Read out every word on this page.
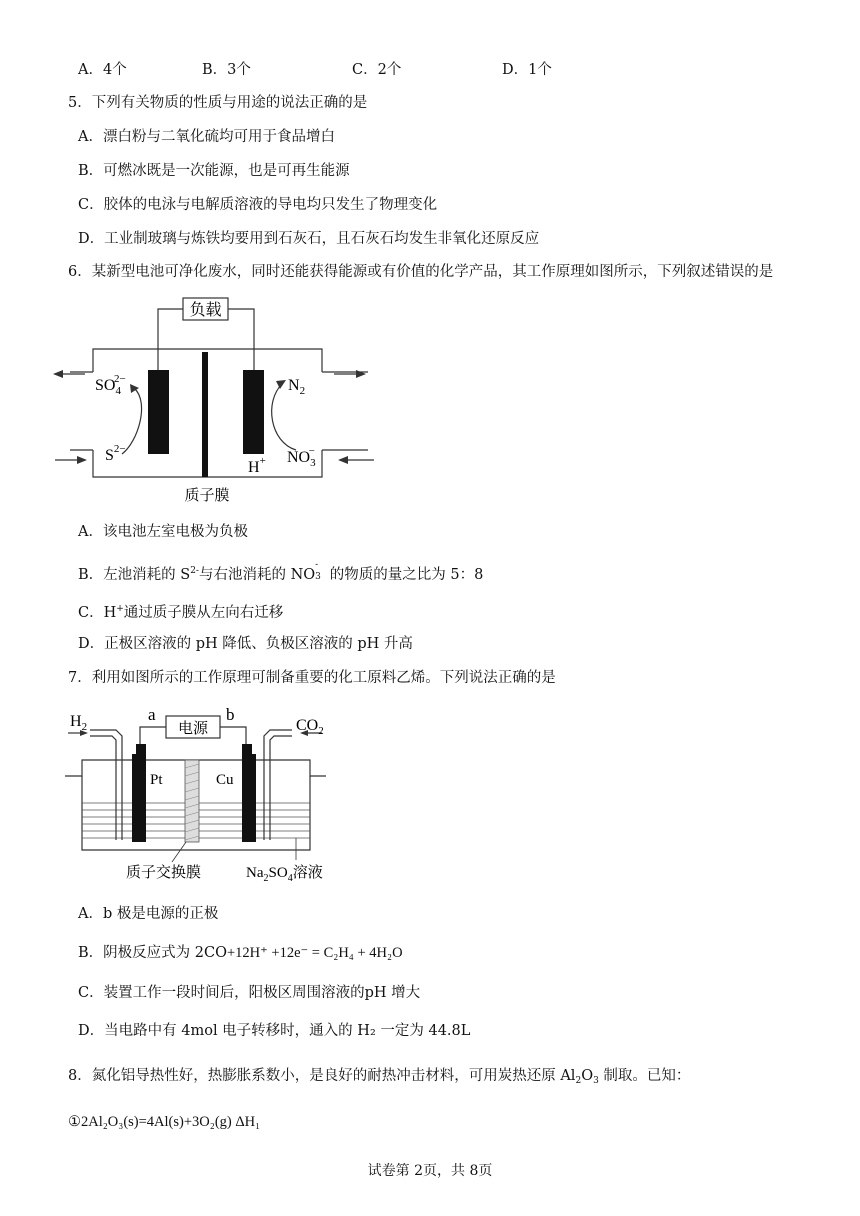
A．4个	B．3个	C．2个	D．1个
5．下列有关物质的性质与用途的说法正确的是
A．漂白粉与二氧化硫均可用于食品增白
B．可燃冰既是一次能源，也是可再生能源
C．胶体的电泳与电解质溶液的导电均只发生了物理变化
D．工业制玻璃与炼铁均要用到石灰石，且石灰石均发生非氧化还原反应
6．某新型电池可净化废水，同时还能获得能源或有价值的化学产品，其工作原理如图所示，下列叙述错误的是
负载
$SO_42-$
$S^{2-}$
$N_2$
H+ $NO_3-$
质子膜
A．该电池左室电极为负极
B．左池消耗的 $S^{2-}$与右池消耗的 NO
-
3 的物质的量之比为 5：8
C．H+通过质子膜从左向右迁移
D．正极区溶液的 pH 降低、负极区溶液的 pH 升高
7．利用如图所示的工作原理可制备重要的化工原料乙烯。下列说法正确的是
电源
a	b
Pt	Cu
$H_2$	$CO_2$
质子交换膜	$Na_2SO_4$溶液
A．b 极是电源的正极
B．阴极反应式为 2CO+12H⁺ +12e⁻ = C₂H₄ + 4H₂O
C．装置工作一段时间后，阳极区周围溶液的pH 增大
D．当电路中有 4mol 电子转移时，通入的 H₂ 一定为 44.8L
8．氮化铝导热性好，热膨胀系数小，是良好的耐热冲击材料，可用炭热还原 $Al_2O_3$ 制取。已知：
①2Al₂O₃(s)=4Al(s)+3O₂(g) ΔH₁
试卷第 2页，共 8页
